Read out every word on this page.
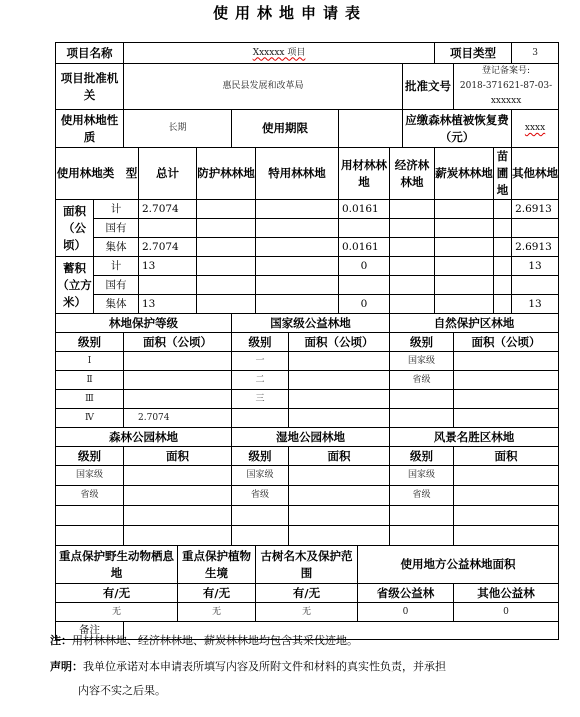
使用林地申请表
项目名称		Xxxxxx 项目											项目类型			3
项目批准机　关		惠民县发展和改革局										批准文号		登记备案号:
2018-371621-87-03-xxxxxx		

使用林地性　质		长期				使用期限						应缴森林植被恢复费（元）				xxxx
使用林地类　型			总计		防护林林地		特用林林地		用材林林地		经济林林地		薪炭林林地		苗圃地	其他林地
面积（公顷）	计		2.7074						0.0161							2.6913
	国有															
	集体		2.7074						0.0161							2.6913
蓄积（立方米）	计		13						0							13
	国有															
	集体		13						0							13
林地保护等级						国家级公益林地					自然保护区林地					
级别		面积（公顷）				级别		面积（公顷）			级别			面积（公顷）		
Ⅰ						一					国家级					
Ⅱ						二					省级					
Ⅲ						三										
Ⅳ		2.7074														
森林公园林地						湿地公园林地					风景名胜区林地					
级别		面积				级别		面积			级别			面积		
国家级						国家级					国家级					
省级						省级					省级					

重点保护野生动物栖息地				重点保护植物生境			古树名木及保护范围			使用地方公益林地面积						
有/无				有/无			有/无			省级公益林				其他公益林		
无				无			无			0				0		
备注																
注：用材林林地、经济林林地、薪炭林林地均包含其采伐迹地。
声明：我单位承诺对本申请表所填写内容及所附文件和材料的真实性负责，并承担
内容不实之后果。
